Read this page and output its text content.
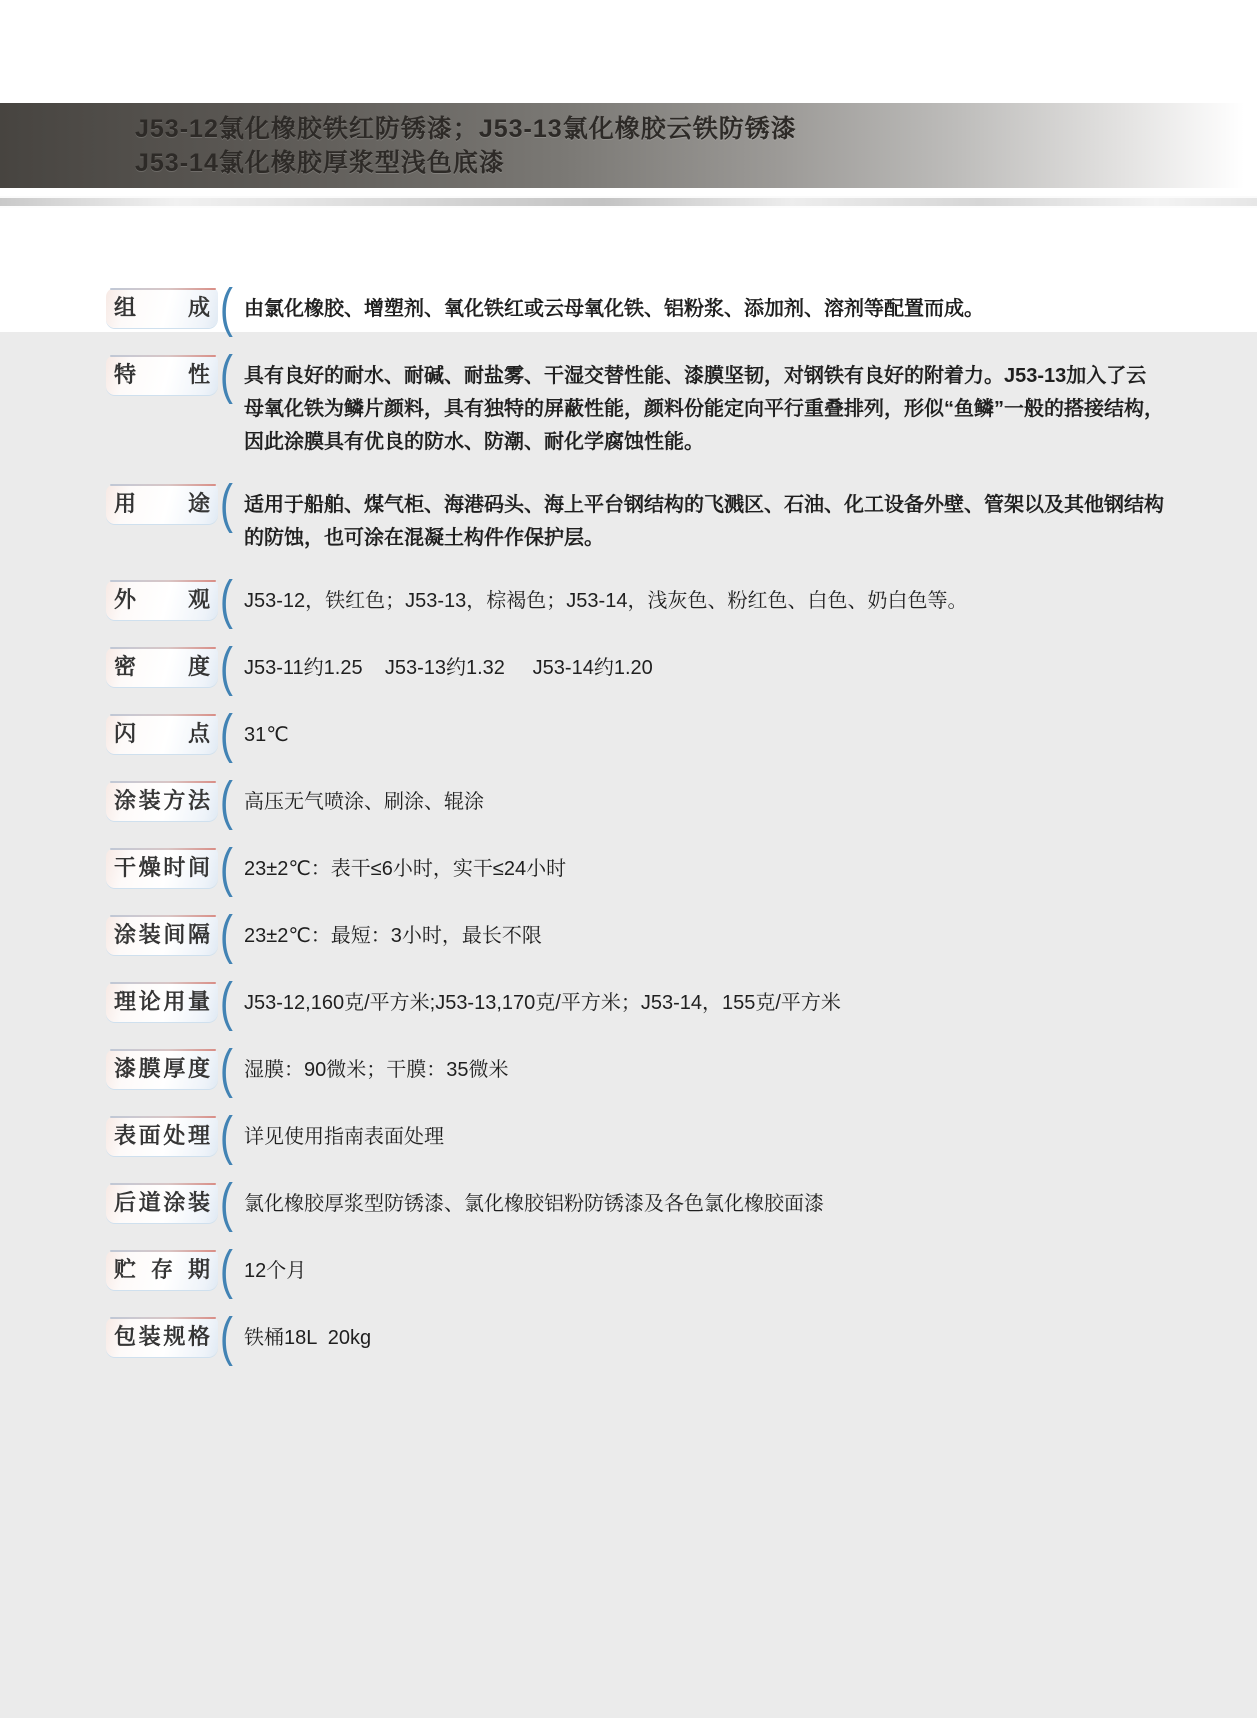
J53-12氯化橡胶铁红防锈漆；J53-13氯化橡胶云铁防锈漆
J53-14氯化橡胶厚浆型浅色底漆
组 成 ( 由氯化橡胶、增塑剂、氧化铁红或云母氧化铁、铝粉浆、添加剂、溶剂等配置而成。
特 性 ( 具有良好的耐水、耐碱、耐盐雾、干湿交替性能、漆膜坚韧，对钢铁有良好的附着力。J53-13加入了云母氧化铁为鳞片颜料，具有独特的屏蔽性能，颜料份能定向平行重叠排列，形似“鱼鳞”一般的搭接结构，因此涂膜具有优良的防水、防潮、耐化学腐蚀性能。
用 途 ( 适用于船舶、煤气柜、海港码头、海上平台钢结构的飞溅区、石油、化工设备外壁、管架以及其他钢结构的防蚀，也可涂在混凝土构件作保护层。
外 观 ( J53-12，铁红色；J53-13，棕褐色；J53-14，浅灰色、粉红色、白色、奶白色等。
密 度 ( J53-11约1.25    J53-13约1.32     J53-14约1.20
闪 点 ( 31℃
涂装方法 ( 高压无气喷涂、刷涂、辊涂
干燥时间 ( 23±2℃：表干≤6小时，实干≤24小时
涂装间隔 ( 23±2℃：最短：3小时，最长不限
理论用量 ( J53-12,160克/平方米;J53-13,170克/平方米；J53-14，155克/平方米
漆膜厚度 ( 湿膜：90微米；干膜：35微米
表面处理 ( 详见使用指南表面处理
后道涂装 ( 氯化橡胶厚浆型防锈漆、氯化橡胶铝粉防锈漆及各色氯化橡胶面漆
贮 存 期 ( 12个月
包装规格 ( 铁桶18L  20kg
